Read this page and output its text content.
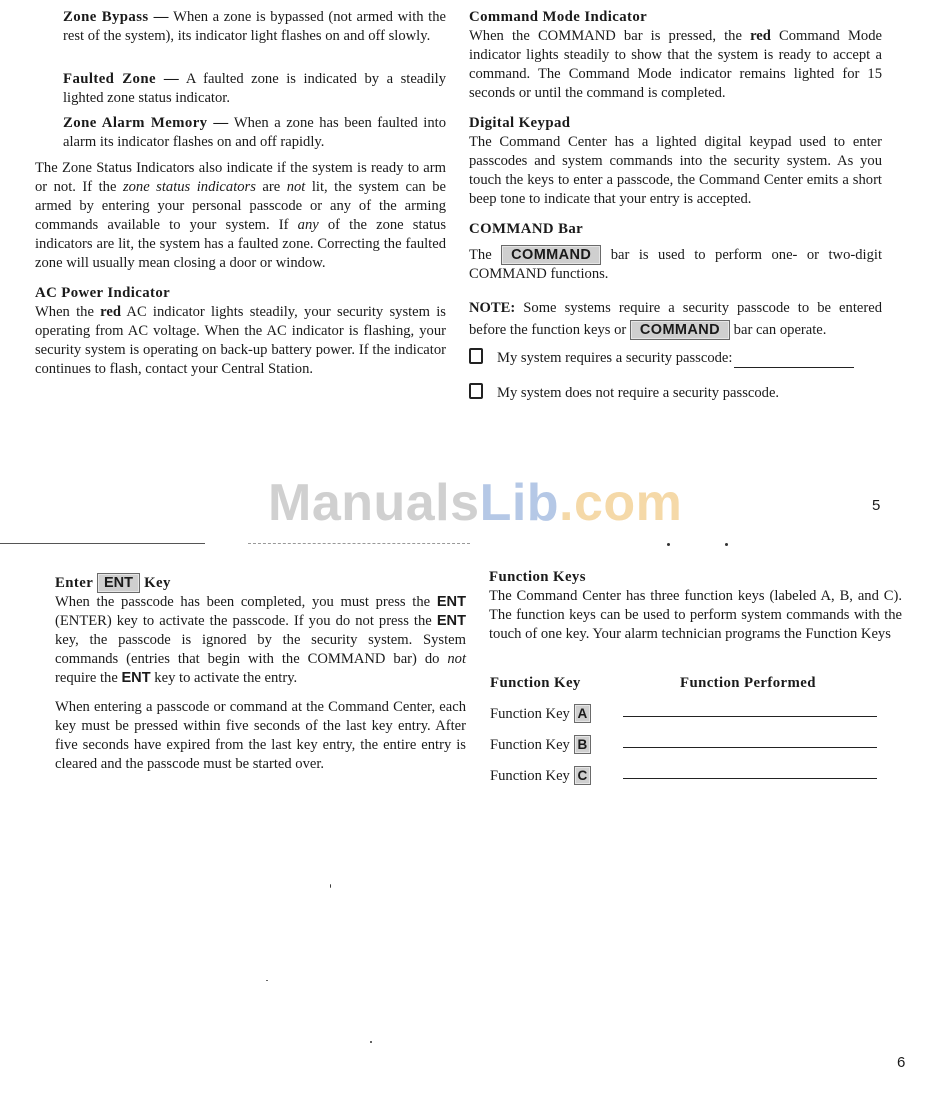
Zone Bypass — When a zone is bypassed (not armed with the rest of the system), its indicator light flashes on and off slowly.

Faulted Zone — A faulted zone is indicated by a steadily lighted zone status indicator.

Zone Alarm Memory — When a zone has been faulted into alarm its indicator flashes on and off rapidly.

The Zone Status Indicators also indicate if the system is ready to arm or not. If the zone status indicators are not lit, the system can be armed by entering your personal passcode or any of the arming commands available to your system. If any of the zone status indicators are lit, the system has a faulted zone. Correcting the faulted zone will usually mean closing a door or window.

AC Power Indicator

When the red AC indicator lights steadily, your security system is operating from AC voltage. When the AC indicator is flashing, your security system is operating on back-up battery power. If the indicator continues to flash, contact your Central Station.

Command Mode Indicator

When the COMMAND bar is pressed, the red Command Mode indicator lights steadily to show that the system is ready to accept a command. The Command Mode indicator remains lighted for 15 seconds or until the command is completed.

Digital Keypad

The Command Center has a lighted digital keypad used to enter passcodes and system commands into the security system. As you touch the keys to enter a passcode, the Command Center emits a short beep tone to indicate that your entry is accepted.

COMMAND Bar

The COMMAND bar is used to perform one- or two-digit COMMAND functions.

NOTE: Some systems require a security passcode to be entered before the function keys or COMMAND bar can operate.

My system requires a security passcode:
My system does not require a security passcode.
ManualsLib.com	5
Enter ENT Key

When the passcode has been completed, you must press the ENT (ENTER) key to activate the passcode. If you do not press the ENT key, the passcode is ignored by the security system. System commands (entries that begin with the COMMAND bar) do not require the ENT key to activate the entry.

When entering a passcode or command at the Command Center, each key must be pressed within five seconds of the last key entry. After five seconds have expired from the last key entry, the entire entry is cleared and the passcode must be started over.

Function Keys

The Command Center has three function keys (labeled A, B, and C). The function keys can be used to perform system commands with the touch of one key. Your alarm technician programs the Function Keys

Function Key	Function Performed
Function Key A
Function Key B
Function Key C
6
